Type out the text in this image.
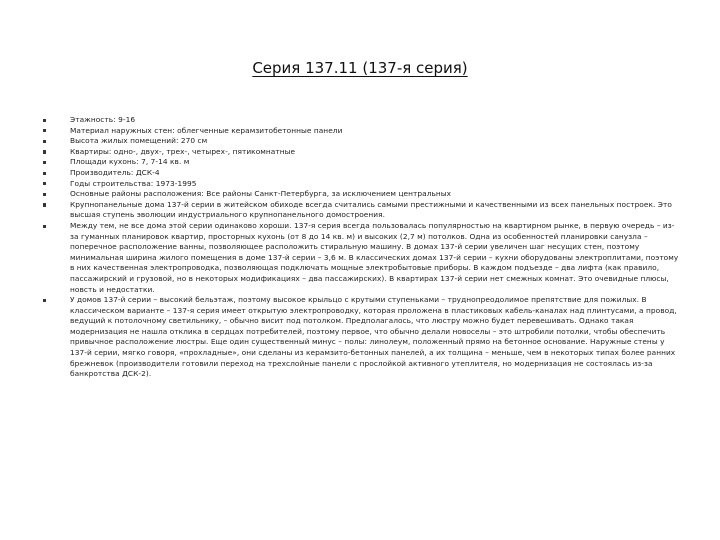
Серия 137.11 (137-я серия)
Этажность: 9-16
Материал наружных стен: облегченные керамзитобетонные панели
Высота жилых помещений: 270 см
Квартиры: одно-, двух-, трех-, четырех-, пятикомнатные
Площади кухонь: 7, 7-14 кв. м
Производитель: ДСК-4
Годы строительства: 1973-1995
Основные районы расположения: Все районы Санкт-Петербурга, за исключением центральных
Крупнопанельные дома 137-й серии в житейском обиходе всегда считались самыми престижными и качественными из всех панельных построек. Это высшая ступень эволюции индустриального крупнопанельного домостроения.
Между тем, не все дома этой серии одинаково хороши. 137-я серия всегда пользовалась популярностью на квартирном рынке, в первую очередь – из-за гуманных планировок квартир, просторных кухонь (от 8 до 14 кв. м) и высоких (2,7 м) потолков. Одна из особенностей планировки санузла – поперечное расположение ванны, позволяющее расположить стиральную машину. В домах 137-й серии увеличен шаг несущих стен, поэтому минимальная ширина жилого помещения в доме 137-й серии – 3,6 м. В классических домах 137-й серии – кухни оборудованы электроплитами, поэтому в них качественная электропроводка, позволяющая подключать мощные электробытовые приборы. В каждом подъезде – два лифта (как правило, пассажирский и грузовой, но в некоторых модификациях – два пассажирских). В квартирах 137-й серии нет смежных комнат. Это очевидные плюсы, новсть и недостатки.
У домов 137-й серии – высокий бельэтаж, поэтому высокое крыльцо с крутыми ступеньками – труднопреодолимое препятствие для пожилых. В классическом варианте – 137-я серия имеет открытую электропроводку, которая проложена в пластиковых кабель-каналах над плинтусами, а провод, ведущий к потолочному светильнику, – обычно висит под потолком. Предполагалось, что люстру можно будет перевешивать. Однако такая модернизация не нашла отклика в сердцах потребителей, поэтому первое, что обычно делали новоселы – это штробили потолки, чтобы обеспечить привычное расположение люстры. Еще один существенный минус – полы: линолеум, положенный прямо на бетонное основание. Наружные стены у 137-й серии, мягко говоря, «прохладные», они сделаны из керамзито-бетонных панелей, а их толщина – меньше, чем в некоторых типах более ранних брежневок (производители готовили переход на трехслойные панели с прослойкой активного утеплителя, но модернизация не состоялась из-за банкротства ДСК-2).
